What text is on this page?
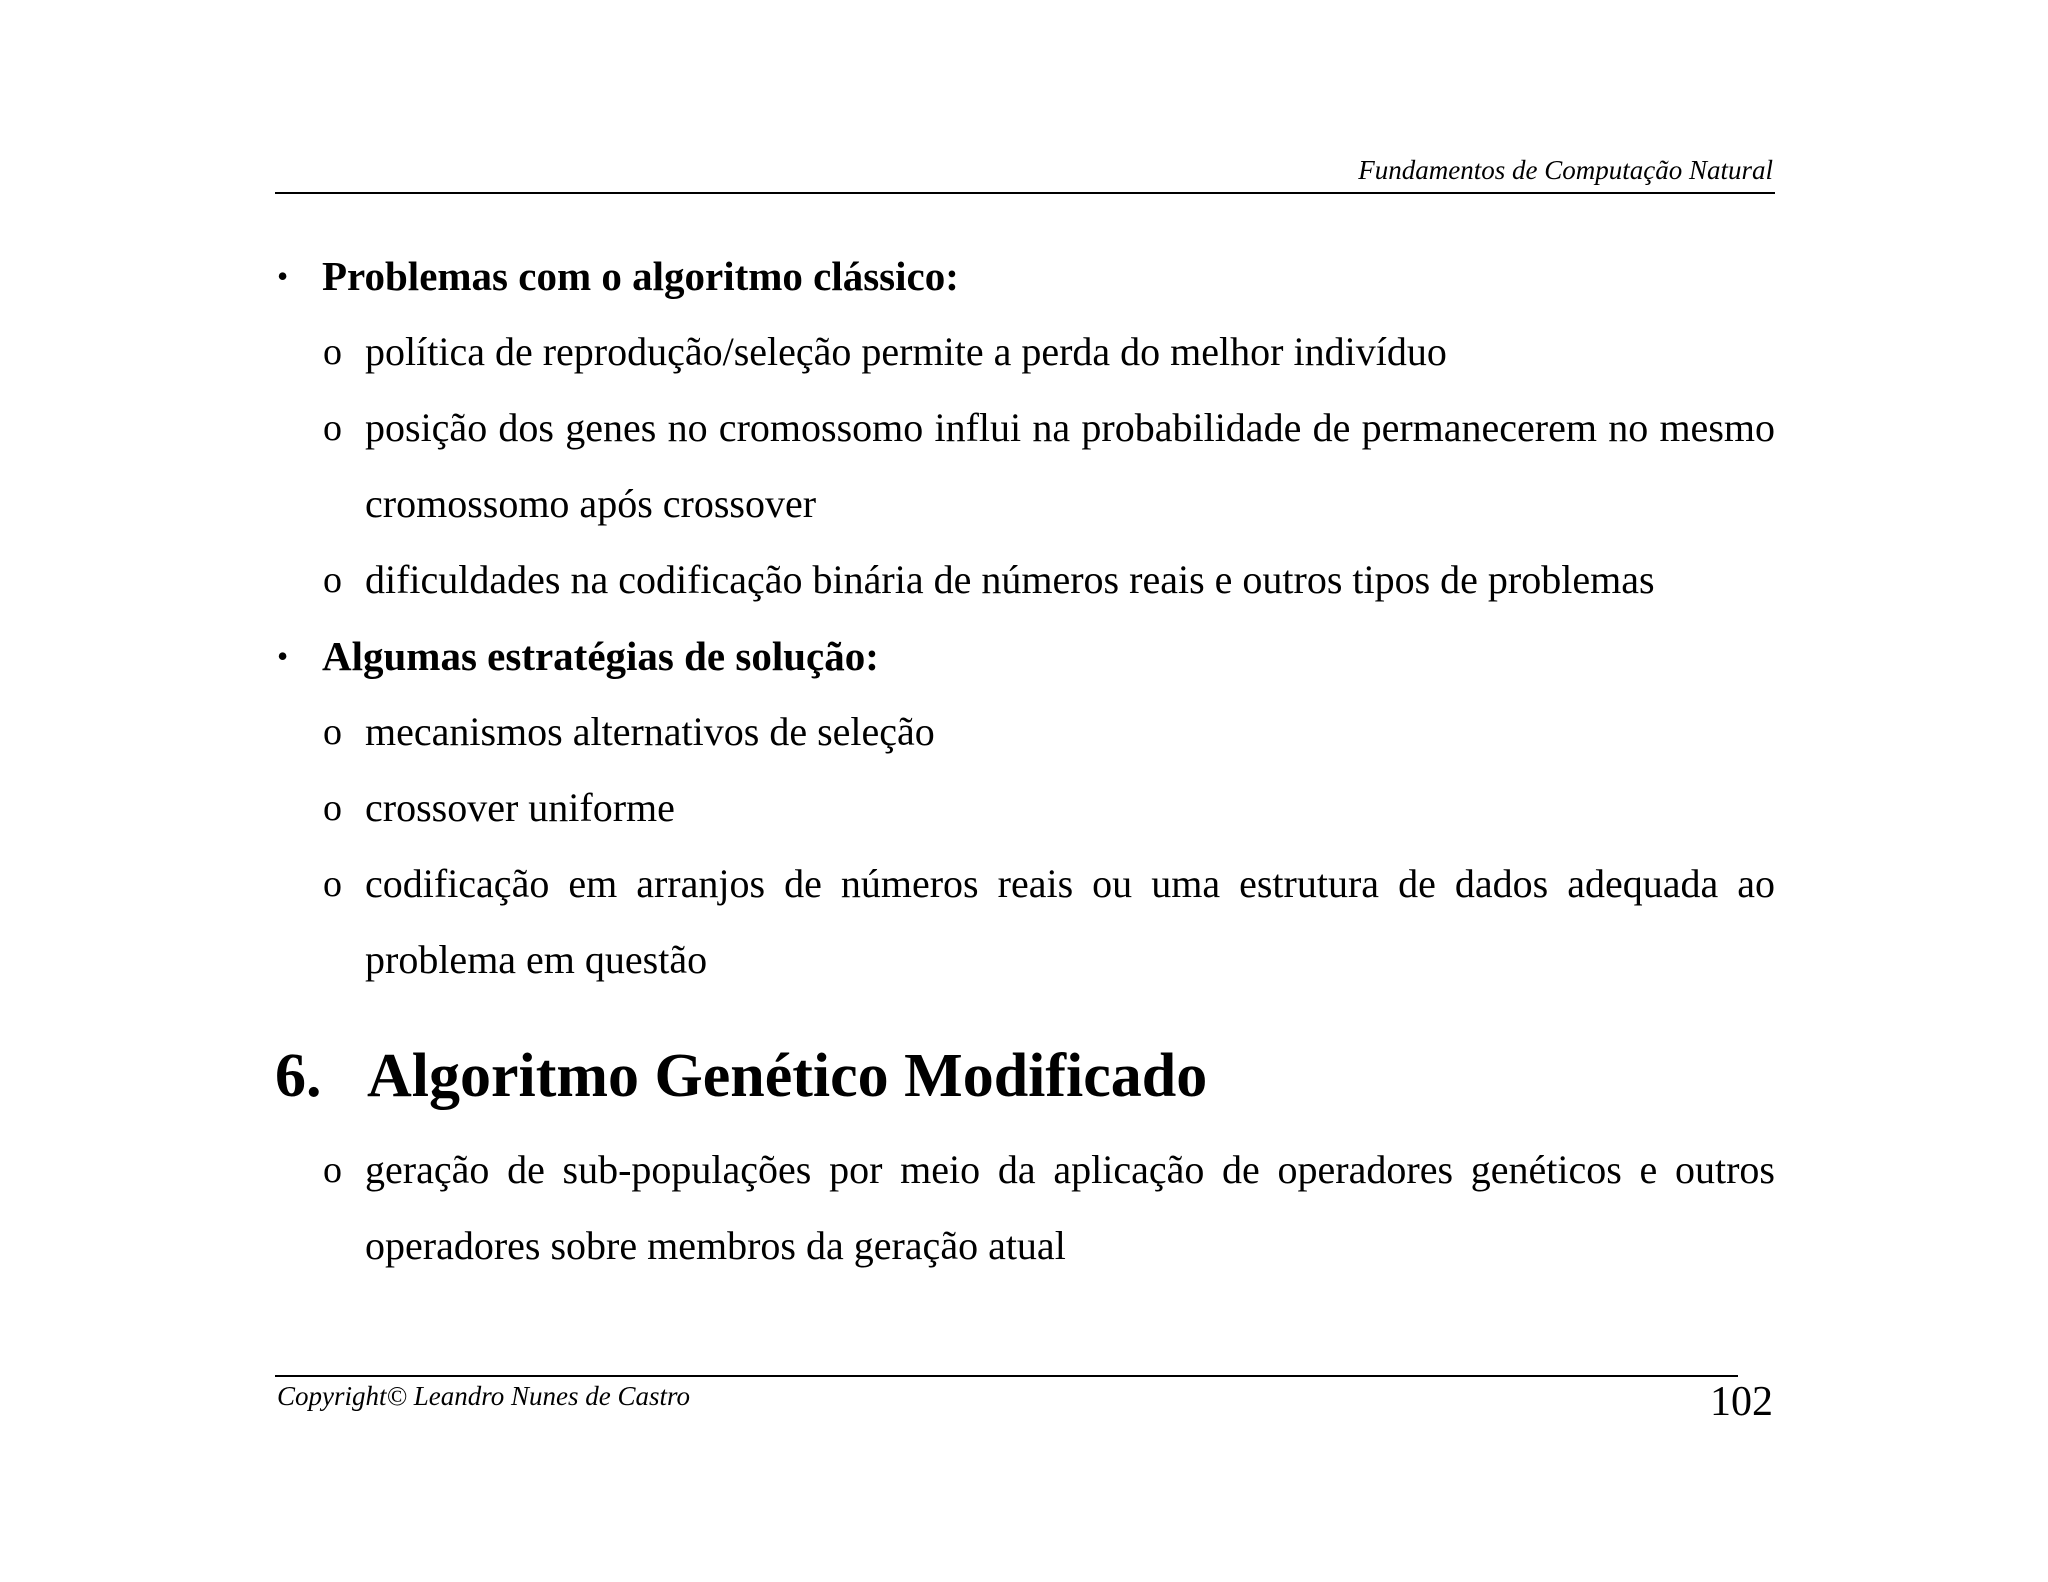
Fundamentos de Computação Natural
• Problemas com o algoritmo clássico:
o política de reprodução/seleção permite a perda do melhor indivíduo
o posição dos genes no cromossomo influi na probabilidade de permanecerem no mesmo cromossomo após crossover
o dificuldades na codificação binária de números reais e outros tipos de problemas
• Algumas estratégias de solução:
o mecanismos alternativos de seleção
o crossover uniforme
o codificação em arranjos de números reais ou uma estrutura de dados adequada ao problema em questão
6. Algoritmo Genético Modificado
o geração de sub-populações por meio da aplicação de operadores genéticos e outros operadores sobre membros da geração atual
Copyright© Leandro Nunes de Castro	102
